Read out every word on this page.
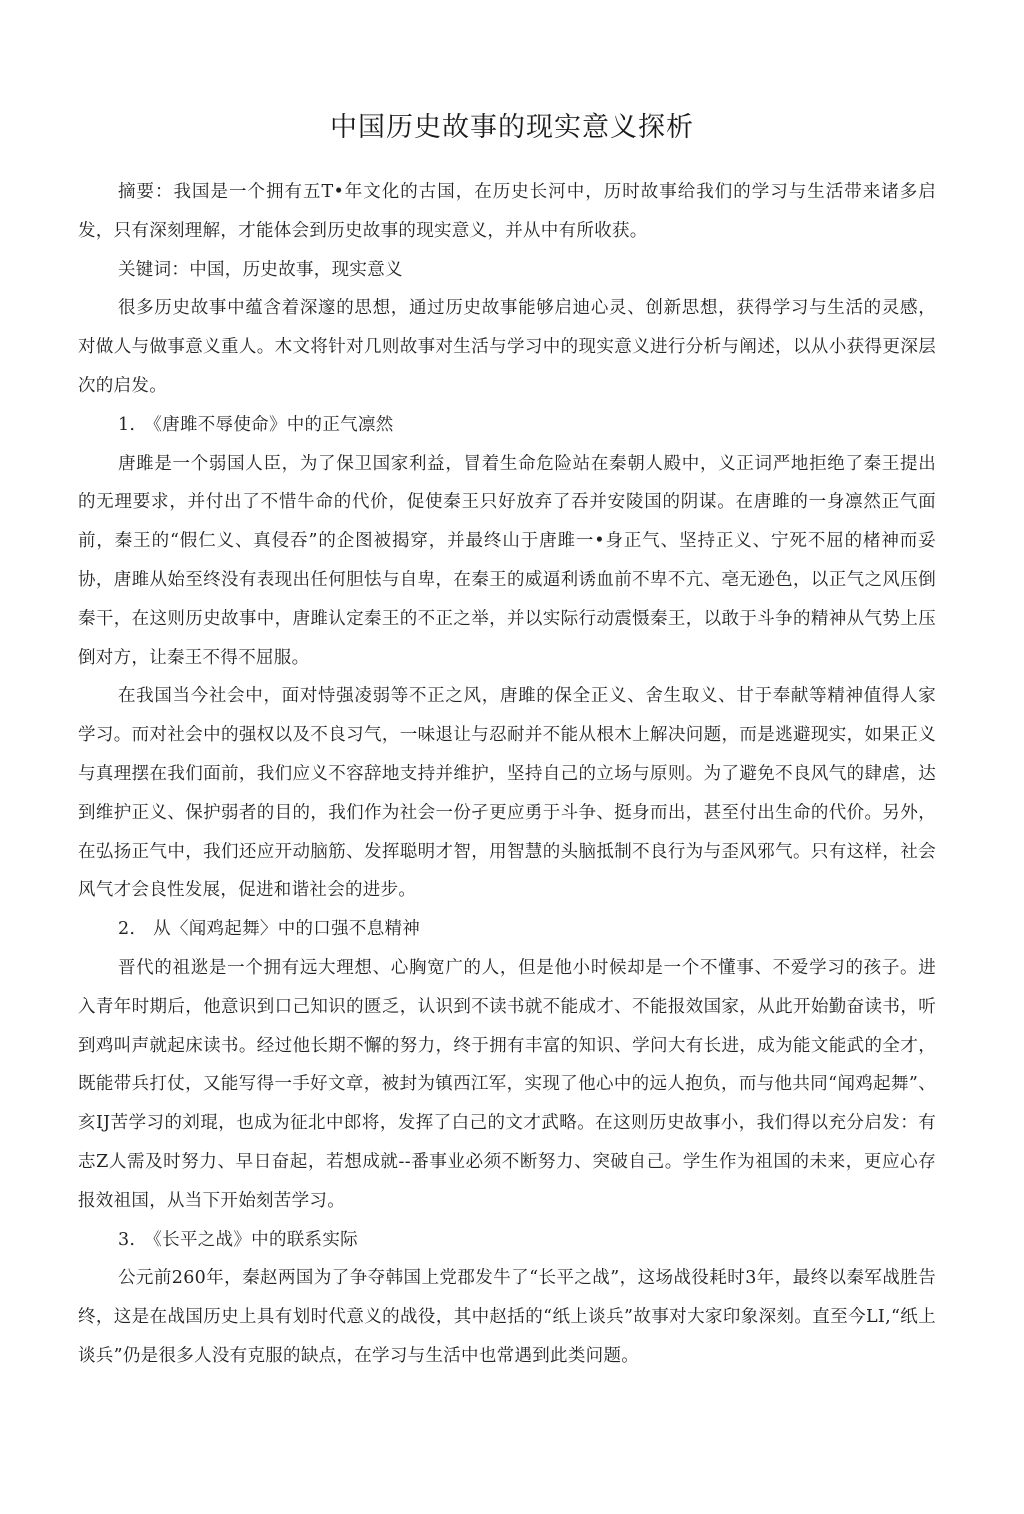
中国历史故事的现实意义探析

摘要：我国是一个拥有五T•年文化的古国，在历史长河中，历时故事给我们的学习与生活带来诸多启发，只有深刻理解，才能体会到历史故事的现实意义，并从中有所收获。

关键词：中国，历史故事，现实意义

很多历史故事中蕴含着深邃的思想，通过历史故事能够启迪心灵、创新思想，获得学习与生活的灵感，对做人与做事意义重人。木文将针对几则故事对生活与学习中的现实意义进行分析与阐述，以从小获得更深层次的启发。

1.　《唐雎不辱使命》中的正气凛然

唐雎是一个弱国人臣，为了保卫国家利益，冒着生命危险站在秦朝人殿中，义正词严地拒绝了秦王提出的无理要求，并付出了不惜牛命的代价，促使秦王只好放弃了吞并安陵国的阴谋。在唐雎的一身凛然正气面前，秦王的“假仁义、真侵吞”的企图被揭穿，并最终山于唐雎一•身正气、坚持正义、宁死不屈的楮神而妥协，唐雎从始至终没有表现出任何胆怯与自卑，在秦王的威逼利诱血前不卑不亢、亳无逊色，以正气之风压倒秦干，在这则历史故事中，唐雎认定秦王的不正之举，并以实际行动震慑秦王，以敢于斗争的精神从气势上压倒对方，让秦王不得不屈服。

在我国当今社会中，面对恃强凌弱等不正之风，唐雎的保全正义、舍生取义、甘于奉献等精神值得人家学习。而对社会中的强权以及不良习气，一味退让与忍耐并不能从根木上解决问题，而是逃避现实，如果正义与真理摆在我们面前，我们应义不容辞地支持并维护，坚持自己的立场与原则。为了避免不良风气的肆虐，达到维护正义、保护弱者的目的，我们作为社会一份孑更应勇于斗争、挺身而出，甚至付出生命的代价。另外，在弘扬正气中，我们还应开动脑筋、发挥聪明才智，用智慧的头脑抵制不良行为与歪风邪气。只有这样，社会风气才会良性发展，促进和谐社会的进步。

2.　从〈闻鸡起舞〉中的口强不息精神

晋代的祖逖是一个拥有远大理想、心胸宽广的人，但是他小时候却是一个不懂事、不爱学习的孩子。进入青年时期后，他意识到口己知识的匮乏，认识到不读书就不能成才、不能报效国家，从此开始勤奋读书，听到鸡叫声就起床读书。经过他长期不懈的努力，终于拥有丰富的知识、学问大有长进，成为能文能武的全才，既能带兵打仗，又能写得一手好文章，被封为镇西江军，实现了他心中的远人抱负，而与他共同“闻鸡起舞”、亥IJ苦学习的刘琨，也成为征北中郎将，发挥了白己的文才武略。在这则历史故事小，我们得以充分启发：有志Z人需及时努力、早日奋起，若想成就--番事业必须不断努力、突破自己。学生作为祖国的未来，更应心存报效祖国，从当下开始刻苦学习。

3.　《长平之战》中的联系实际

公元前260年，秦赵两国为了争夺韩国上党郡发牛了“长平之战”，这场战役耗时3年，最终以秦军战胜告终，这是在战国历史上具有划时代意义的战役，其中赵括的“纸上谈兵”故事对大家印象深刻。直至今LI,“纸上谈兵”仍是很多人没有克服的缺点，在学习与生活中也常遇到此类问题。
